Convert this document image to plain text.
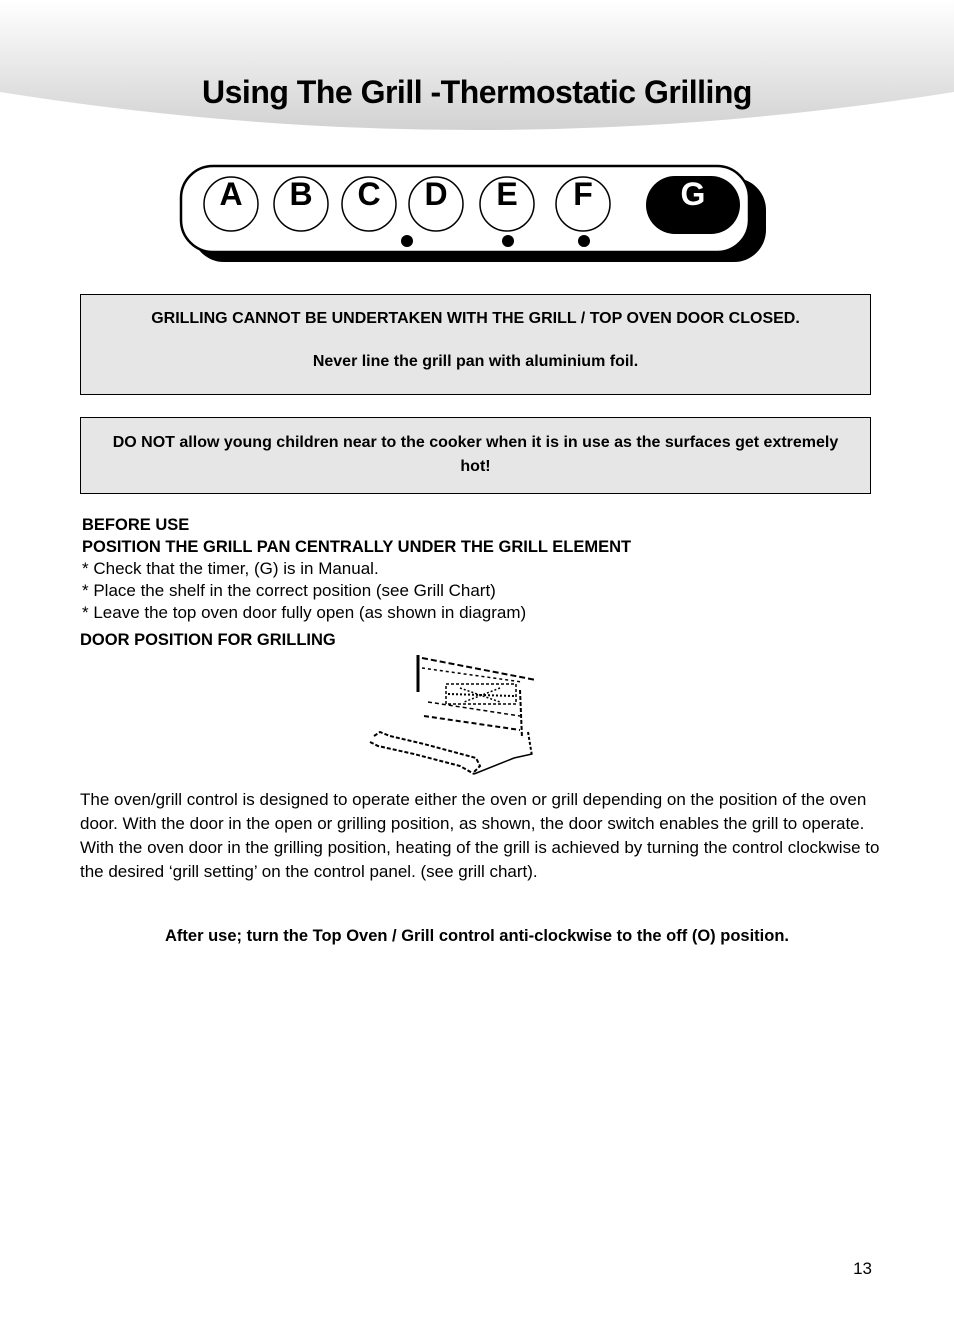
Using The Grill -Thermostatic Grilling
A	B	C	D	E	F	G

GRILLING CANNOT BE UNDERTAKEN WITH THE GRILL / TOP OVEN DOOR CLOSED.

Never line the grill pan with aluminium foil.

DO NOT allow young children near to the cooker when it is in use as the surfaces get extremely hot!

BEFORE USE
POSITION THE GRILL PAN CENTRALLY UNDER THE GRILL ELEMENT
* Check that the timer, (G) is in Manual.
* Place the shelf in the correct position (see Grill Chart)
* Leave the top oven door fully open (as shown in diagram)
DOOR POSITION FOR GRILLING

The oven/grill control is designed to operate either the oven or grill depending on the position of the oven door. With the door in the open or grilling position, as shown, the door switch enables the grill to operate.

With the oven door in the grilling position, heating of the grill is achieved by turning the control clockwise to the desired ‘grill setting’ on the control panel. (see grill chart).

After use; turn the Top Oven / Grill control anti-clockwise to the off (O) position.
13
